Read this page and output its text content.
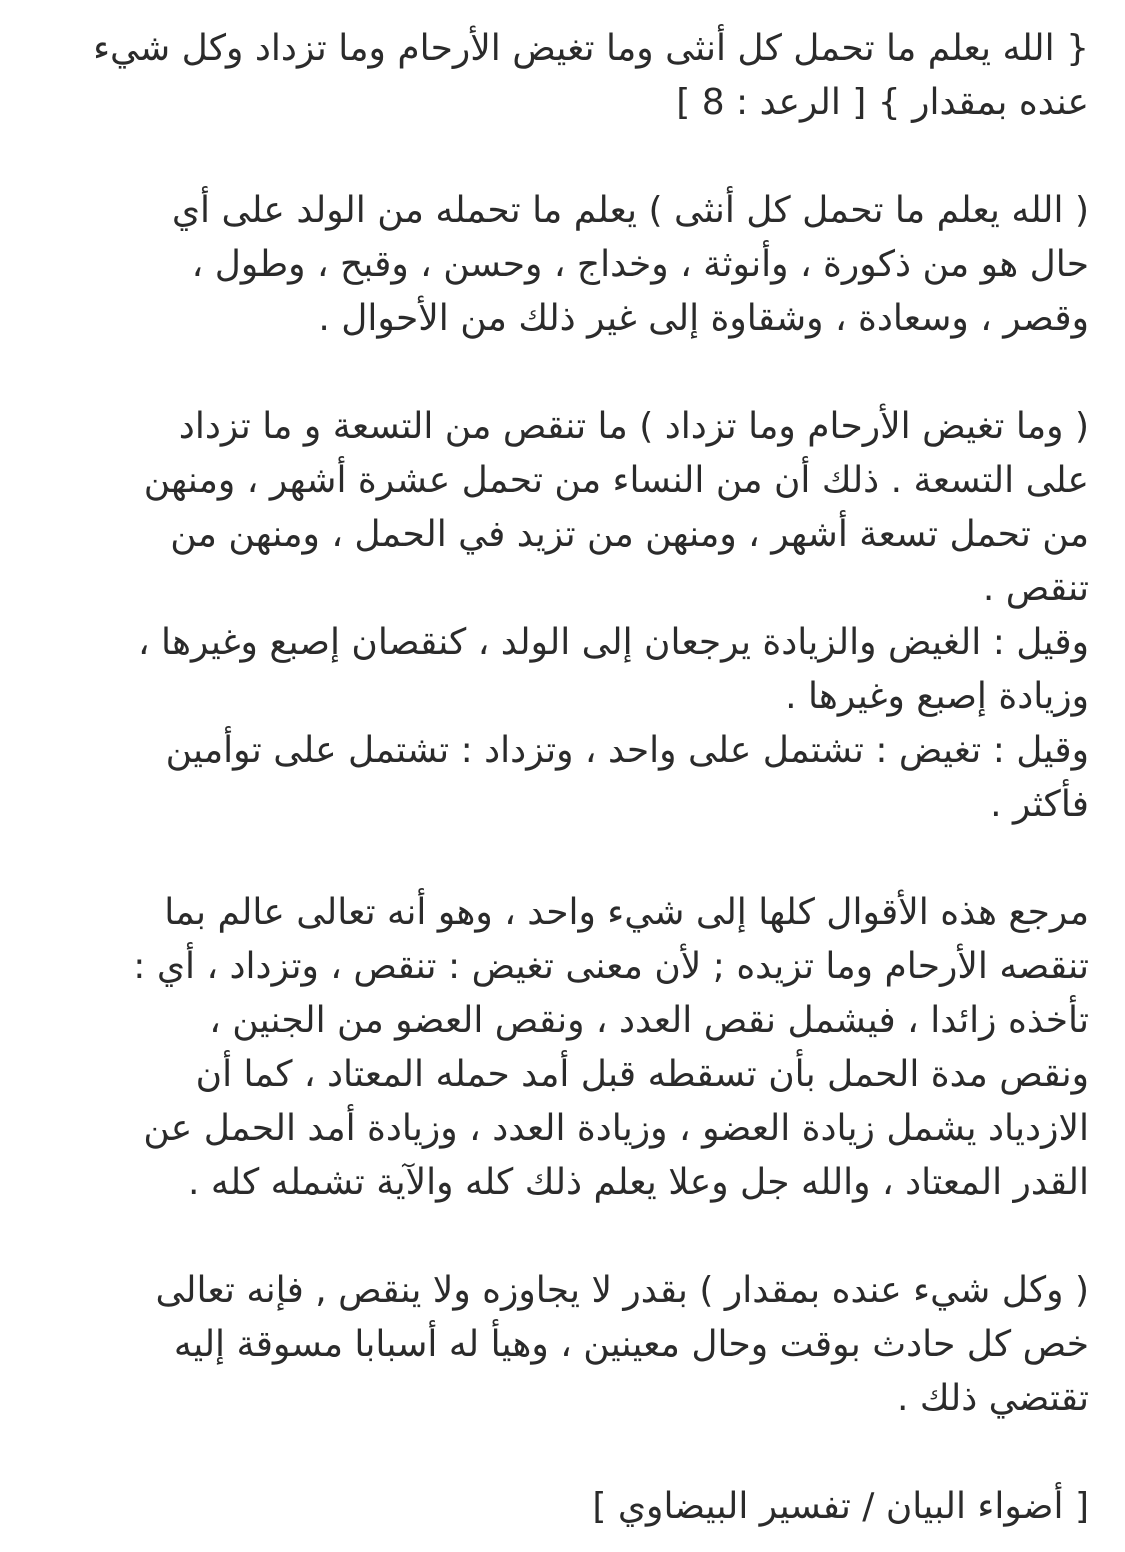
{ الله يعلم ما تحمل كل أنثى وما تغيض الأرحام وما تزداد وكل شيء
عنده بمقدار } [ الرعد : 8 ]
( الله يعلم ما تحمل كل أنثى ) يعلم ما تحمله من الولد على أي
حال هو من ذكورة ، وأنوثة ، وخداج ، وحسن ، وقبح ، وطول ،
وقصر ، وسعادة ، وشقاوة إلى غير ذلك من الأحوال .
( وما تغيض الأرحام وما تزداد ) ما تنقص من التسعة و ما تزداد
على التسعة . ذلك أن من النساء من تحمل عشرة أشهر ، ومنهن
من تحمل تسعة أشهر ، ومنهن من تزيد في الحمل ، ومنهن من
تنقص .
وقيل : الغيض والزيادة يرجعان إلى الولد ، كنقصان إصبع وغيرها ،
وزيادة إصبع وغيرها .
وقيل : تغيض : تشتمل على واحد ، وتزداد : تشتمل على توأمين
فأكثر .
مرجع هذه الأقوال كلها إلى شيء واحد ، وهو أنه تعالى عالم بما
تنقصه الأرحام وما تزيده ; لأن معنى تغيض : تنقص ، وتزداد ، أي :
تأخذه زائدا ، فيشمل نقص العدد ، ونقص العضو من الجنين ،
ونقص مدة الحمل بأن تسقطه قبل أمد حمله المعتاد ، كما أن
الازدياد يشمل زيادة العضو ، وزيادة العدد ، وزيادة أمد الحمل عن
القدر المعتاد ، والله جل وعلا يعلم ذلك كله والآية تشمله كله .
( وكل شيء عنده بمقدار ) بقدر لا يجاوزه ولا ينقص , فإنه تعالى
خص كل حادث بوقت وحال معينين ، وهيأ له أسبابا مسوقة إليه
تقتضي ذلك .
[ أضواء البيان / تفسير البيضاوي ]
